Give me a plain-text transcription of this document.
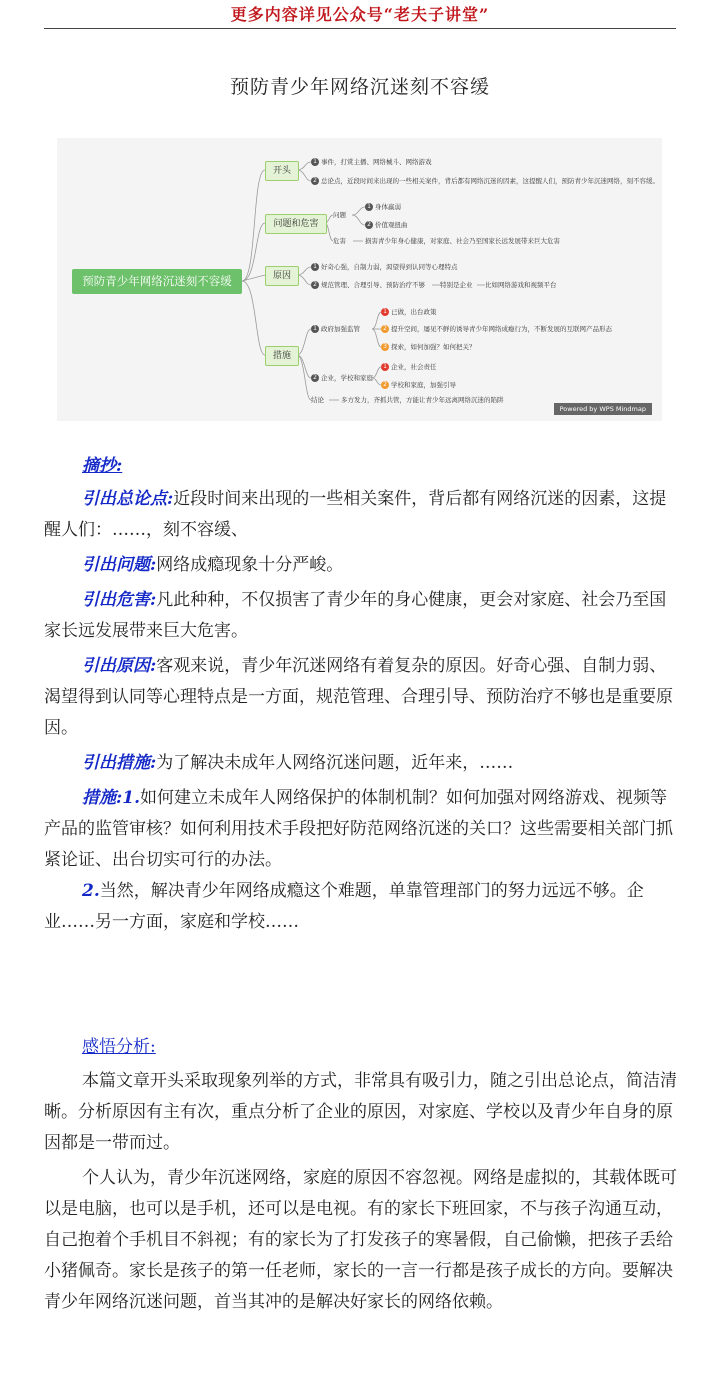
更多内容详见公众号“老夫子讲堂”
预防青少年网络沉迷刻不容缓
预防青少年网络沉迷刻不容缓
开头
问题和危害
原因
措施
1 事件，打赏主播、网络械斗、网络游戏
2 总论点，近段时间来出现的一些相关案件，背后都有网络沉迷的因素，这提醒人们，预防青少年沉迷网络，刻不容缓。
问题
1 身体羸弱
2 价值观扭曲
危害	损害青少年身心健康，对家庭、社会乃至国家长远发展带来巨大危害
1 好奇心强，自制力弱，渴望得到认同等心理特点
2 规范管理、合理引导、预防治疗不够 特别是企业 比如网络游戏和视频平台
1 政府加强监管
1 已做，出台政策
2 提升空间，屡见不鲜的诱导青少年网络成瘾行为，不断发展的互联网产品形态
3 探索，如何加强？如何把关？
2 企业，学校和家庭
1 企业，社会责任
2 学校和家庭，加强引导
结论	多方发力，齐抓共管，方能让青少年远离网络沉迷的陷阱
Powered by WPS Mindmap
摘抄:

引出总论点:近段时间来出现的一些相关案件，背后都有网络沉迷的因素，这提醒人们：……，刻不容缓、

引出问题:网络成瘾现象十分严峻。

引出危害:凡此种种，不仅损害了青少年的身心健康，更会对家庭、社会乃至国家长远发展带来巨大危害。

引出原因:客观来说，青少年沉迷网络有着复杂的原因。好奇心强、自制力弱、渴望得到认同等心理特点是一方面，规范管理、合理引导、预防治疗不够也是重要原因。

引出措施:为了解决未成年人网络沉迷问题，近年来，……

措施:1.如何建立未成年人网络保护的体制机制？如何加强对网络游戏、视频等产品的监管审核？如何利用技术手段把好防范网络沉迷的关口？这些需要相关部门抓紧论证、出台切实可行的办法。

2.当然，解决青少年网络成瘾这个难题，单靠管理部门的努力远远不够。企业……另一方面，家庭和学校……

感悟分析:

本篇文章开头采取现象列举的方式，非常具有吸引力，随之引出总论点，简洁清晰。分析原因有主有次，重点分析了企业的原因，对家庭、学校以及青少年自身的原因都是一带而过。

个人认为，青少年沉迷网络，家庭的原因不容忽视。网络是虚拟的，其载体既可以是电脑，也可以是手机，还可以是电视。有的家长下班回家，不与孩子沟通互动，自己抱着个手机目不斜视；有的家长为了打发孩子的寒暑假，自己偷懒，把孩子丢给小猪佩奇。家长是孩子的第一任老师，家长的一言一行都是孩子成长的方向。要解决青少年网络沉迷问题，首当其冲的是解决好家长的网络依赖。
